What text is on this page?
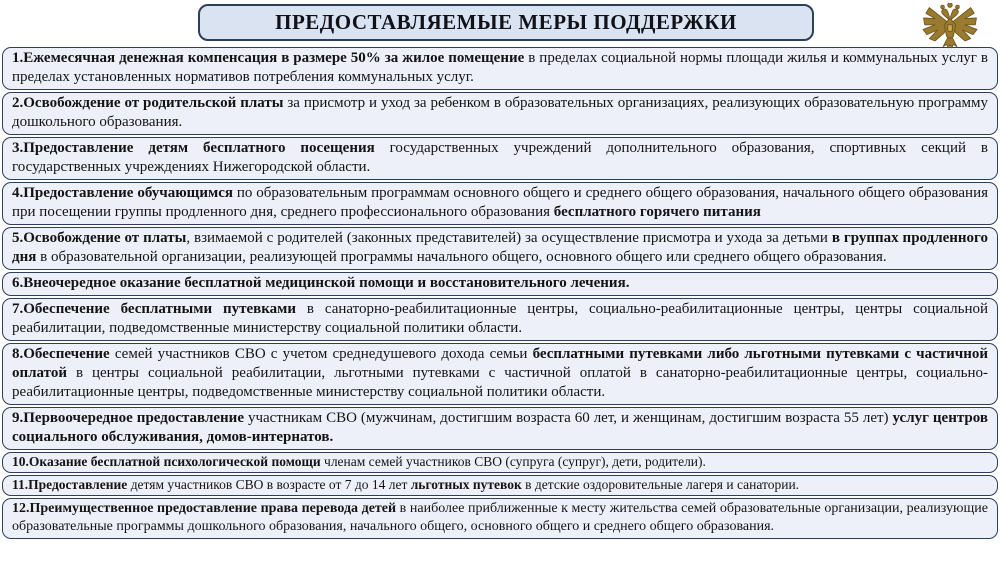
ПРЕДОСТАВЛЯЕМЫЕ МЕРЫ ПОДДЕРЖКИ

1.Ежемесячная денежная компенсация в размере 50% за жилое помещение в пределах социальной нормы площади жилья и коммунальных услуг в пределах установленных нормативов потребления коммунальных услуг.

2.Освобождение от родительской платы за присмотр и уход за ребенком в образовательных организациях, реализующих образовательную программу дошкольного образования.

3.Предоставление детям бесплатного посещения государственных учреждений дополнительного образования, спортивных секций в государственных учреждениях Нижегородской области.

4.Предоставление обучающимся по образовательным программам основного общего и среднего общего образования, начального общего образования при посещении группы продленного дня, среднего профессионального образования бесплатного горячего питания

5.Освобождение от платы, взимаемой с родителей (законных представителей) за осуществление присмотра и ухода за детьми в группах продленного дня в образовательной организации, реализующей программы начального общего, основного общего или среднего общего образования.

6.Внеочередное оказание бесплатной медицинской помощи и восстановительного лечения.

7.Обеспечение бесплатными путевками в санаторно-реабилитационные центры, социально-реабилитационные центры, центры социальной реабилитации, подведомственные министерству социальной политики области.

8.Обеспечение семей участников СВО с учетом среднедушевого дохода семьи бесплатными путевками либо льготными путевками с частичной оплатой в центры социальной реабилитации, льготными путевками с частичной оплатой в санаторно-реабилитационные центры, социально-реабилитационные центры, подведомственные министерству социальной политики области.

9.Первоочередное предоставление участникам СВО (мужчинам, достигшим возраста 60 лет, и женщинам, достигшим возраста 55 лет) услуг центров социального обслуживания, домов-интернатов.

10.Оказание бесплатной психологической помощи членам семей участников СВО (супруга (супруг), дети, родители).

11.Предоставление детям участников СВО в возрасте от 7 до 14 лет льготных путевок в детские оздоровительные лагеря и санатории.

12.Преимущественное предоставление права перевода детей в наиболее приближенные к месту жительства семей образовательные организации, реализующие образовательные программы дошкольного образования, начального общего, основного общего и среднего общего образования.
